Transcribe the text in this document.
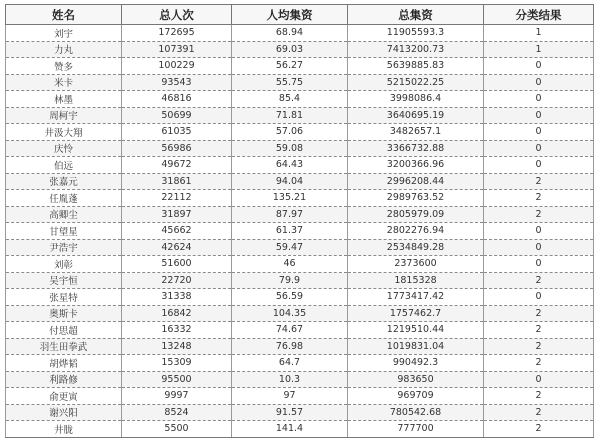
姓名	总人次	人均集资	总集资	分类结果
刘宇	172695	68.94	11905593.3	1
力丸	107391	69.03	7413200.73	1
赞多	100229	56.27	5639885.83	0
米卡	93543	55.75	5215022.25	0
林墨	46816	85.4	3998086.4	0
周柯宇	50699	71.81	3640695.19	0
井汲大翔	61035	57.06	3482657.1	0
庆怜	56986	59.08	3366732.88	0
伯远	49672	64.43	3200366.96	0
张嘉元	31861	94.04	2996208.44	2
任胤蓬	22112	135.21	2989763.52	2
高卿尘	31897	87.97	2805979.09	2
甘望星	45662	61.37	2802276.94	0
尹浩宇	42624	59.47	2534849.28	0
刘彰	51600	46	2373600	0
吴宇恒	22720	79.9	1815328	2
张星特	31338	56.59	1773417.42	0
奥斯卡	16842	104.35	1757462.7	2
付思超	16332	74.67	1219510.44	2
羽生田拳武	13248	76.98	1019831.04	2
胡烨韬	15309	64.7	990492.3	2
利路修	95500	10.3	983650	0
俞更寅	9997	97	969709	2
谢兴阳	8524	91.57	780542.68	2
井胧	5500	141.4	777700	2
